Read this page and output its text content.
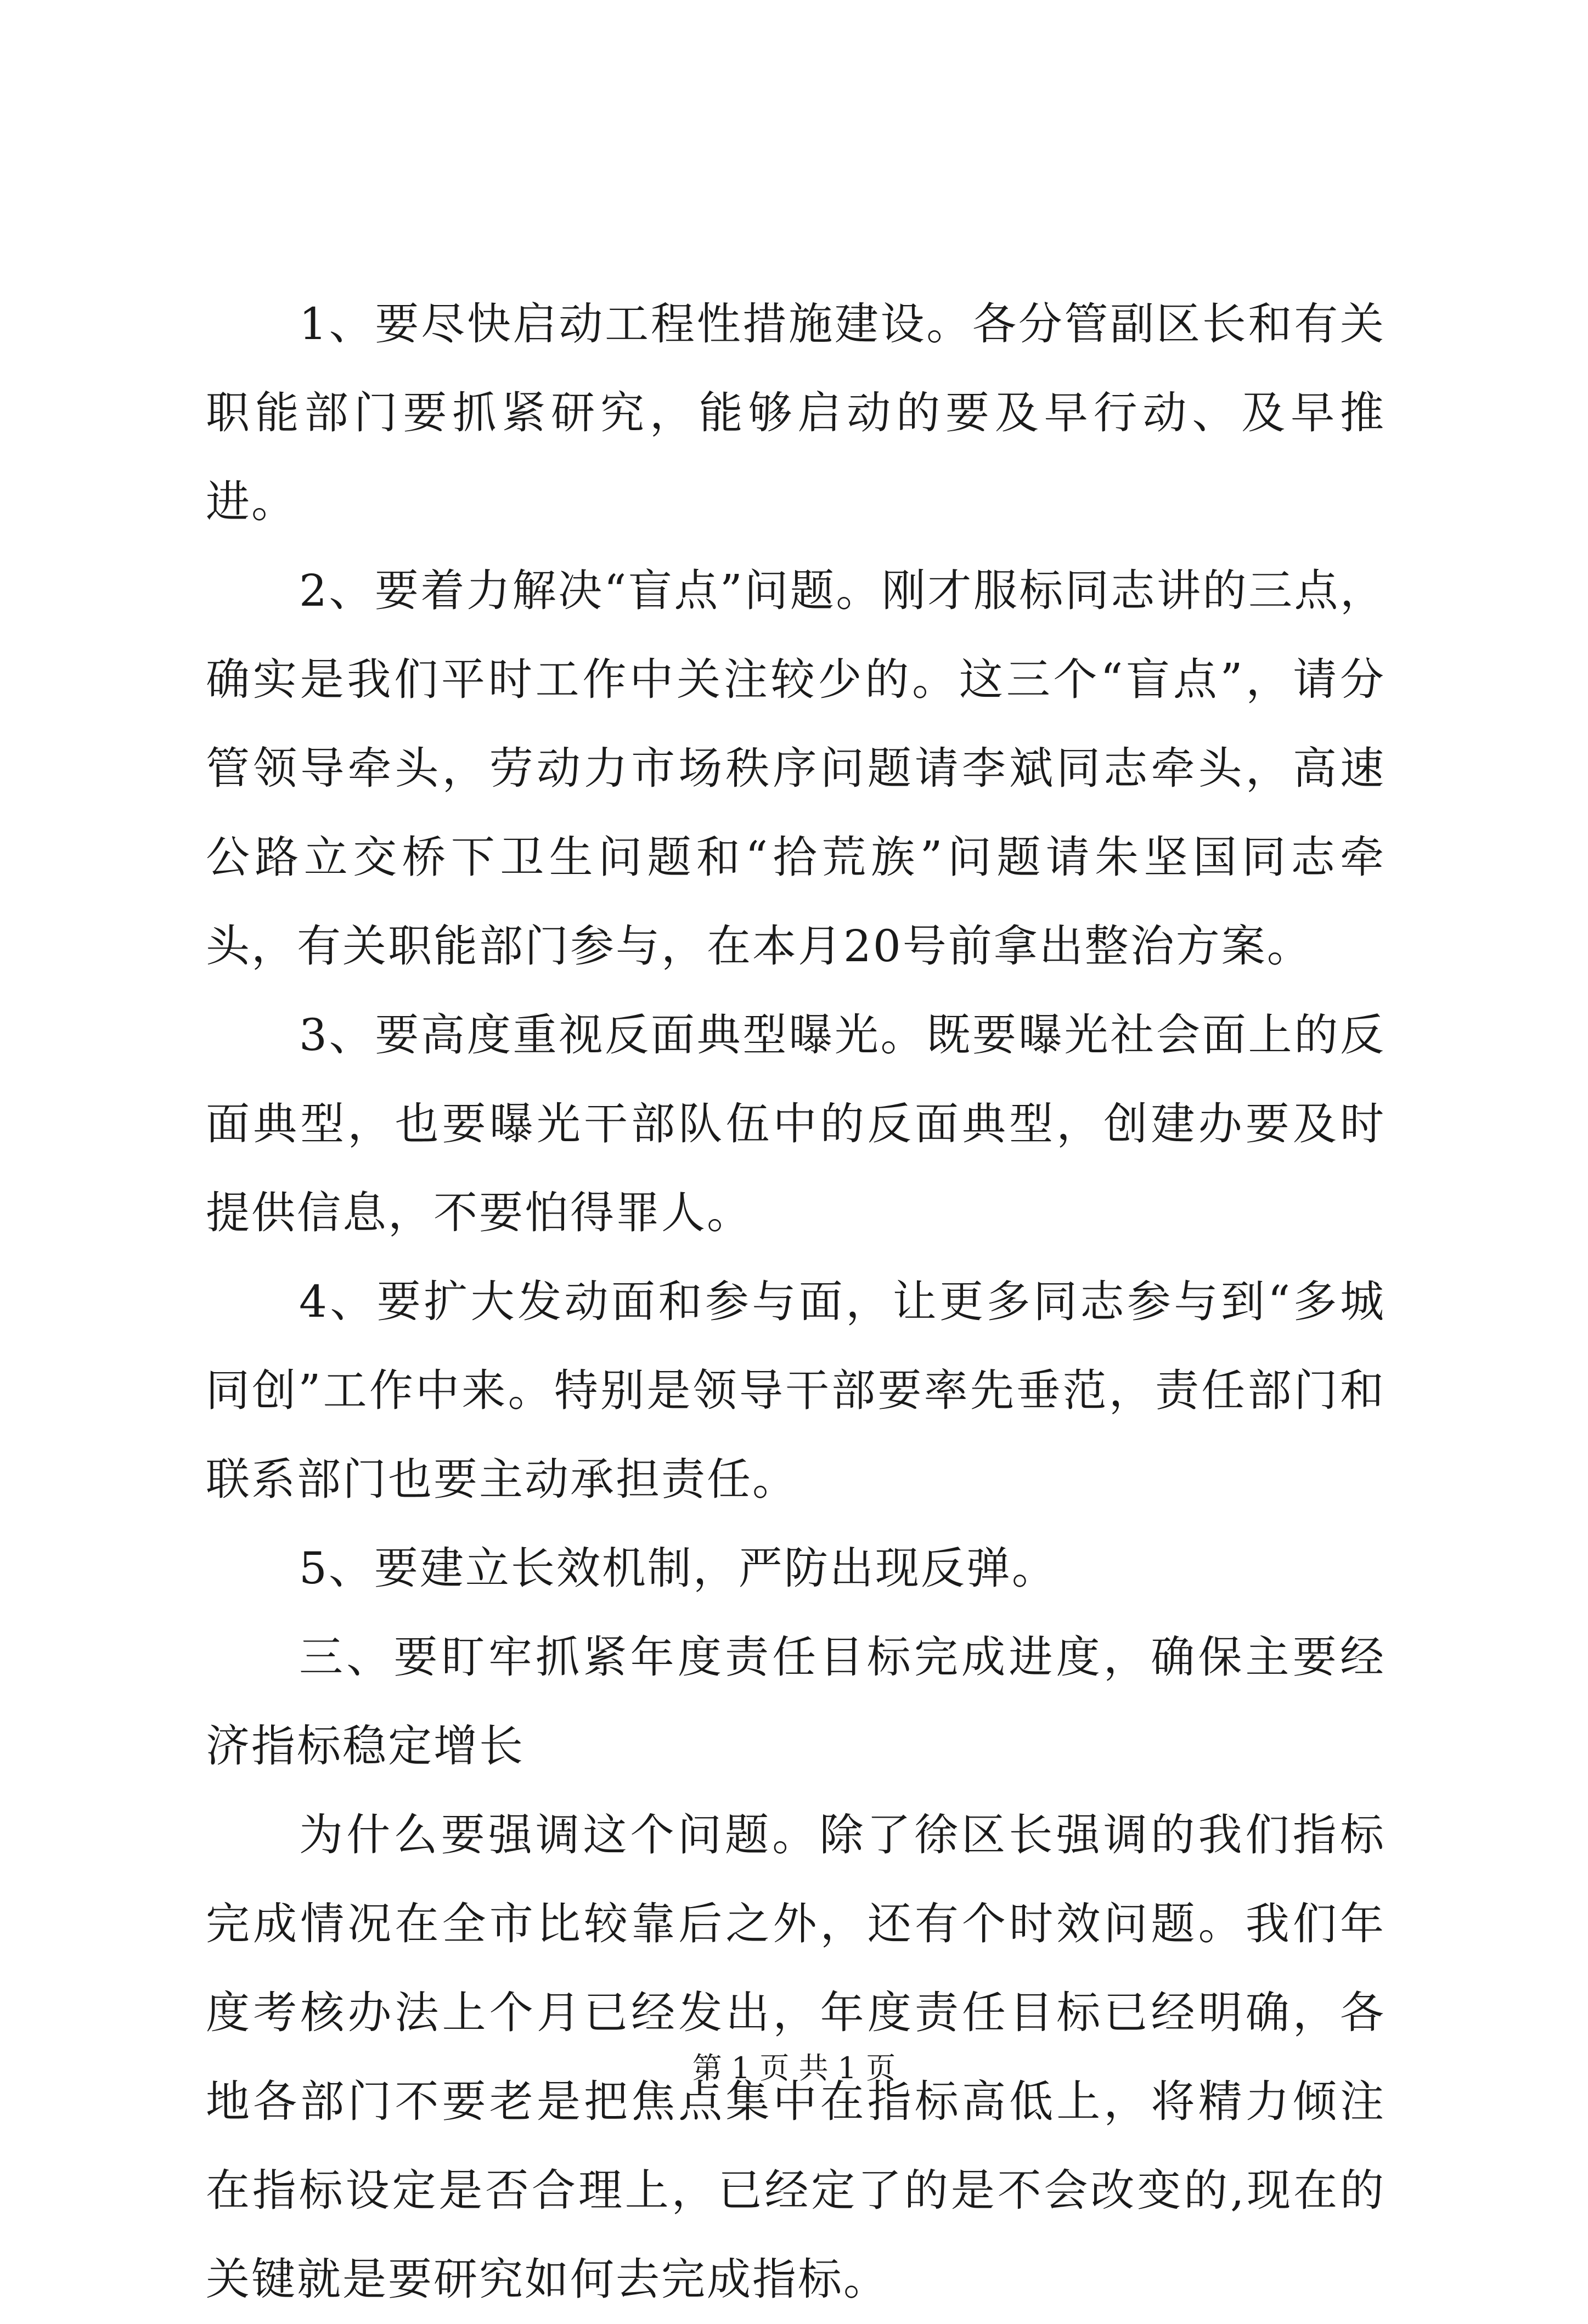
1、要尽快启动工程性措施建设。各分管副区长和有关职能部门要抓紧研究，能够启动的要及早行动、及早推进。

2、要着力解决“盲点”问题。刚才服标同志讲的三点，确实是我们平时工作中关注较少的。这三个“盲点”，请分管领导牵头，劳动力市场秩序问题请李斌同志牵头，高速公路立交桥下卫生问题和“拾荒族”问题请朱坚国同志牵头，有关职能部门参与，在本月20号前拿出整治方案。

3、要高度重视反面典型曝光。既要曝光社会面上的反面典型，也要曝光干部队伍中的反面典型，创建办要及时提供信息，不要怕得罪人。

4、要扩大发动面和参与面，让更多同志参与到“多城同创”工作中来。特别是领导干部要率先垂范，责任部门和联系部门也要主动承担责任。

5、要建立长效机制，严防出现反弹。

三、要盯牢抓紧年度责任目标完成进度，确保主要经济指标稳定增长

为什么要强调这个问题。除了徐区长强调的我们指标完成情况在全市比较靠后之外，还有个时效问题。我们年度考核办法上个月已经发出，年度责任目标已经明确，各地各部门不要老是把焦点集中在指标高低上，将精力倾注在指标设定是否合理上，已经定了的是不会改变的,现在的关键就是要研究如何去完成指标。

第 1 页 共 1 页
